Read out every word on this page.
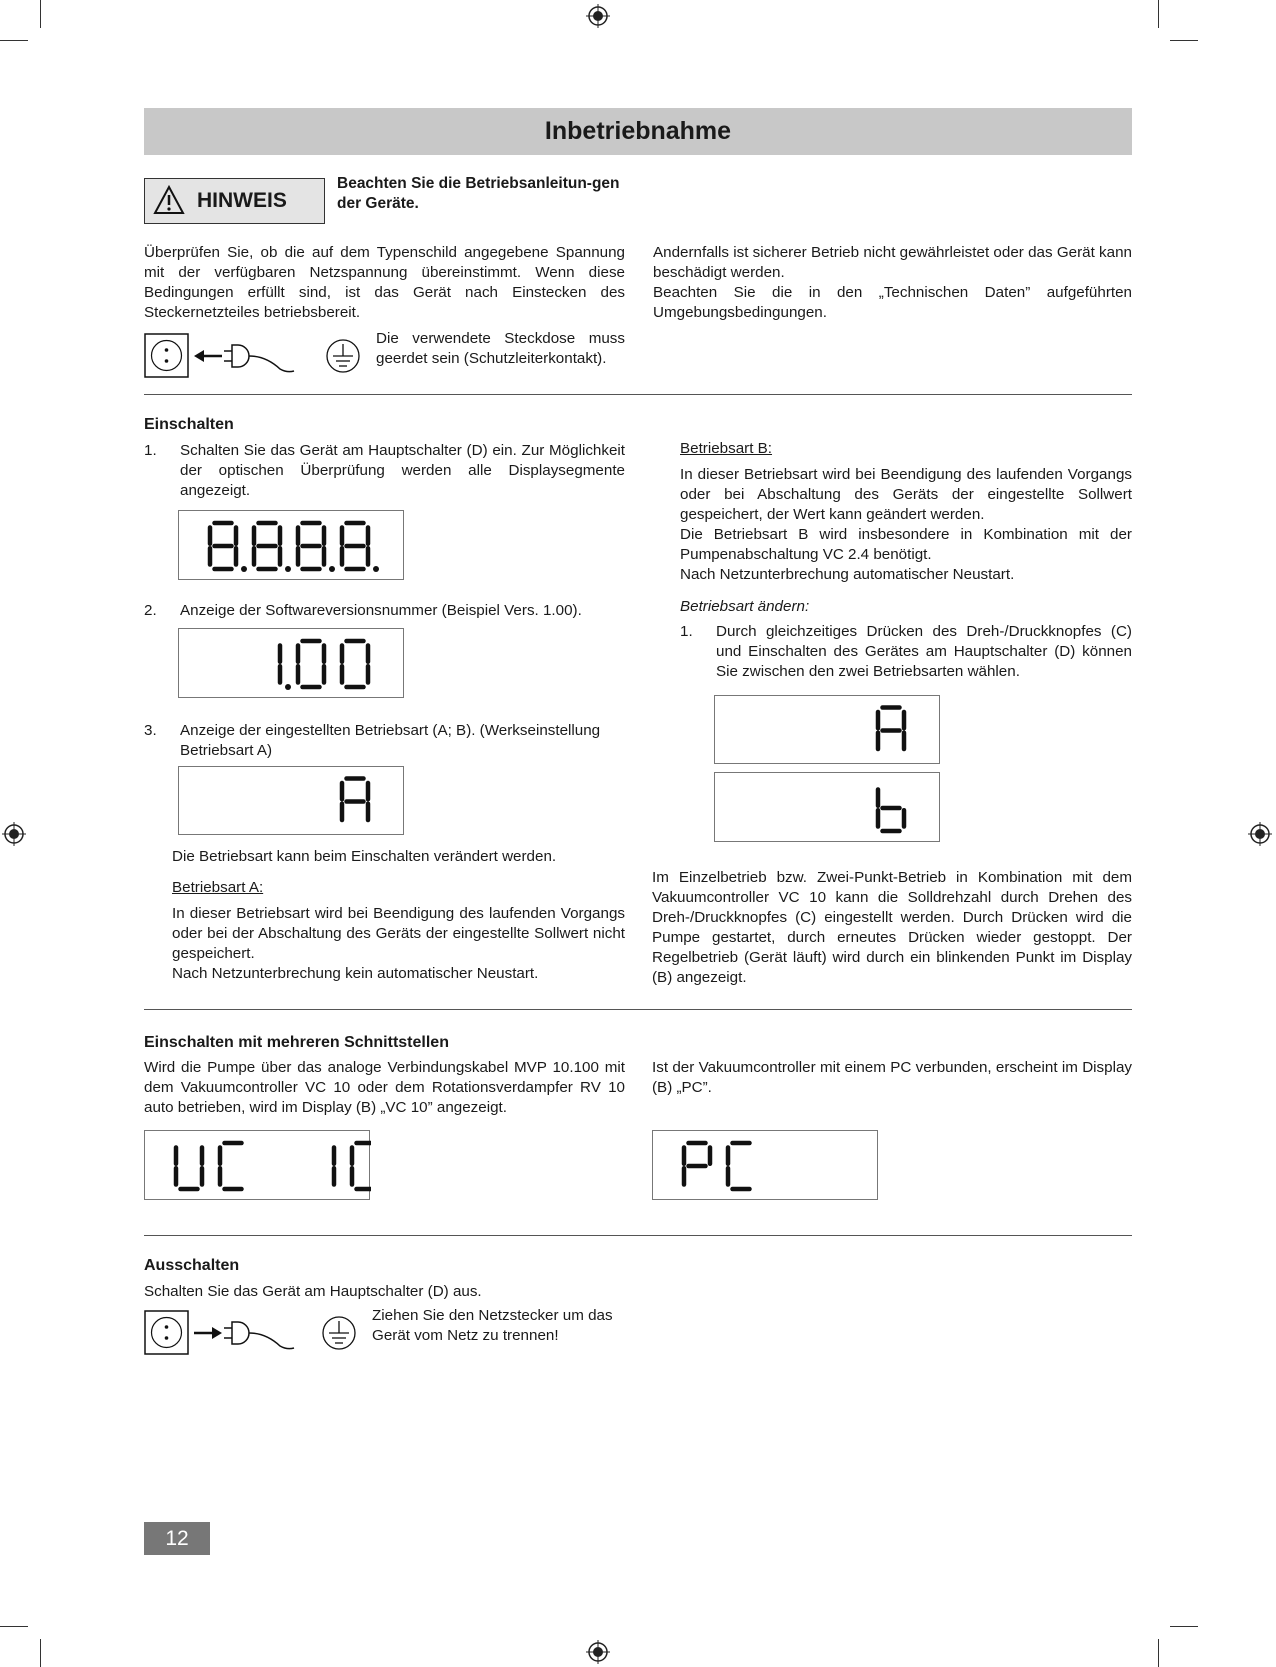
Inbetriebnahme
HINWEIS
Beachten Sie die Betriebsanleitun-gen der Geräte.
Überprüfen Sie, ob die auf dem Typenschild angegebene Spannung mit der verfügbaren Netzspannung übereinstimmt. Wenn diese Bedingungen erfüllt sind, ist das Gerät nach Einstecken des Steckernetzteiles betriebsbereit.
Die verwendete Steckdose muss geerdet sein (Schutzleiterkontakt).
Andernfalls ist sicherer Betrieb nicht gewährleistet oder das Gerät kann beschädigt werden.
Beachten Sie die in den „Technischen Daten” aufgeführten Umgebungsbedingungen.
Einschalten
1. Schalten Sie das Gerät am Hauptschalter (D) ein. Zur Möglichkeit der optischen Überprüfung werden alle Displaysegmente angezeigt.
2. Anzeige der Softwareversionsnummer (Beispiel Vers. 1.00).
3. Anzeige der eingestellten Betriebsart (A; B). (Werkseinstellung Betriebsart A)
Die Betriebsart kann beim Einschalten verändert werden.
Betriebsart A:
In dieser Betriebsart wird bei Beendigung des laufenden Vorgangs oder bei der Abschaltung des Geräts der eingestellte Sollwert nicht gespeichert.
Nach Netzunterbrechung kein automatischer Neustart.
Betriebsart B:
In dieser Betriebsart wird bei Beendigung des laufenden Vorgangs oder bei Abschaltung des Geräts der eingestellte Sollwert gespeichert, der Wert kann geändert werden.
Die Betriebsart B wird insbesondere in Kombination mit der Pumpenabschaltung VC 2.4 benötigt.
Nach Netzunterbrechung automatischer Neustart.
Betriebsart ändern:
1. Durch gleichzeitiges Drücken des Dreh-/Druckknopfes (C) und Einschalten des Gerätes am Hauptschalter (D) können Sie zwischen den zwei Betriebsarten wählen.
Im Einzelbetrieb bzw. Zwei-Punkt-Betrieb in Kombination mit dem Vakuumcontroller VC 10 kann die Solldrehzahl durch Drehen des Dreh-/Druckknopfes (C) eingestellt werden. Durch Drücken wird die Pumpe gestartet, durch erneutes Drücken wieder gestoppt. Der Regelbetrieb (Gerät läuft) wird durch ein blinkenden Punkt im Display (B) angezeigt.
Einschalten mit mehreren Schnittstellen
Wird die Pumpe über das analoge Verbindungskabel MVP 10.100 mit dem Vakuumcontroller VC 10 oder dem Rotationsverdampfer RV 10 auto betrieben, wird im Display (B) „VC 10” angezeigt.
Ist der Vakuumcontroller mit einem PC verbunden, erscheint im Display (B) „PC”.
Ausschalten
Schalten Sie das Gerät am Hauptschalter (D) aus.
Ziehen Sie den Netzstecker um das Gerät vom Netz zu trennen!
12
